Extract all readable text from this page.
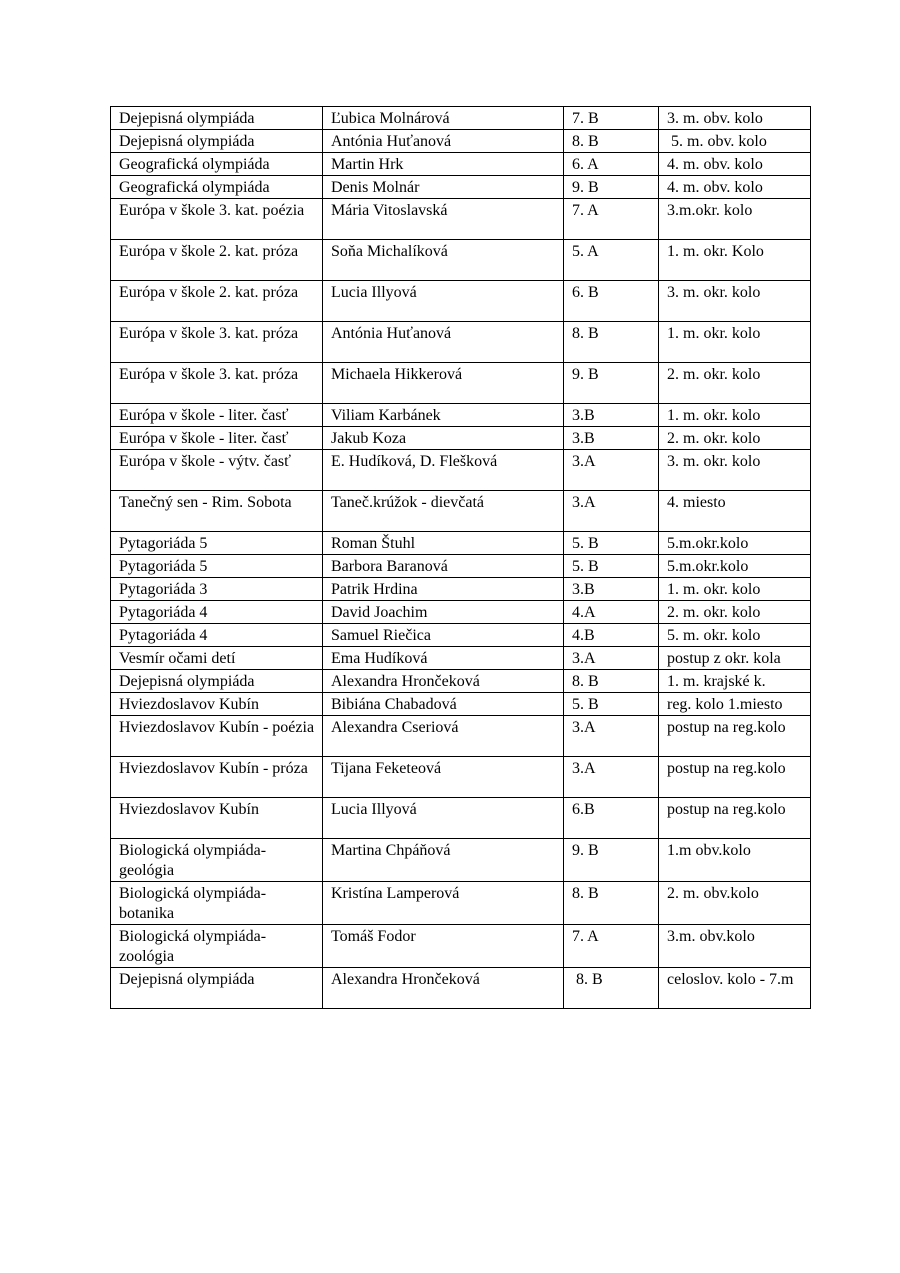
Dejepisná olympiáda	Ľubica Molnárová	7. B	3. m. obv. kolo
Dejepisná olympiáda	Antónia Huťanová	8. B	5. m. obv. kolo
Geografická olympiáda	Martin Hrk	6. A	4. m. obv. kolo
Geografická olympiáda	Denis Molnár	9. B	4. m. obv. kolo
Európa v škole 3. kat. poézia	Mária Vitoslavská	7. A	3.m.okr. kolo
Európa v škole 2. kat. próza	Soňa Michalíková	5. A	1. m. okr. Kolo
Európa v škole 2. kat. próza	Lucia Illyová	6. B	3. m. okr. kolo
Európa v škole 3. kat. próza	Antónia Huťanová	8. B	1. m. okr. kolo
Európa v škole 3. kat. próza	Michaela Hikkerová	9. B	2. m. okr. kolo
Európa v škole - liter. časť	Viliam Karbánek	3.B	1. m. okr. kolo
Európa v škole - liter. časť	Jakub Koza	3.B	2. m. okr. kolo
Európa v škole - výtv. časť	E. Hudíková, D. Flešková	3.A	3. m. okr. kolo
Tanečný sen - Rim. Sobota	Taneč.krúžok - dievčatá	3.A	4. miesto
Pytagoriáda 5	Roman Štuhl	5. B	5.m.okr.kolo
Pytagoriáda 5	Barbora Baranová	5. B	5.m.okr.kolo
Pytagoriáda 3	Patrik Hrdina	3.B	1. m. okr. kolo
Pytagoriáda 4	David Joachim	4.A	2. m. okr. kolo
Pytagoriáda 4	Samuel Riečica	4.B	5. m. okr. kolo
Vesmír očami detí	Ema Hudíková	3.A	postup z okr. kola
Dejepisná olympiáda	Alexandra Hrončeková	8. B	1. m. krajské k.
Hviezdoslavov Kubín	Bibiána Chabadová	5. B	reg. kolo 1.miesto
Hviezdoslavov Kubín - poézia	Alexandra Cseriová	3.A	postup na reg.kolo
Hviezdoslavov Kubín - próza	Tijana Feketeová	3.A	postup na reg.kolo
Hviezdoslavov Kubín	Lucia Illyová	6.B	postup na reg.kolo
Biologická olympiáda-geológia	Martina Chpáňová	9. B	1.m obv.kolo
Biologická olympiáda-botanika	Kristína Lamperová	8. B	2. m. obv.kolo
Biologická olympiáda-zoológia	Tomáš Fodor	7. A	3.m. obv.kolo
Dejepisná olympiáda	Alexandra Hrončeková	8. B	celoslov. kolo - 7.m
